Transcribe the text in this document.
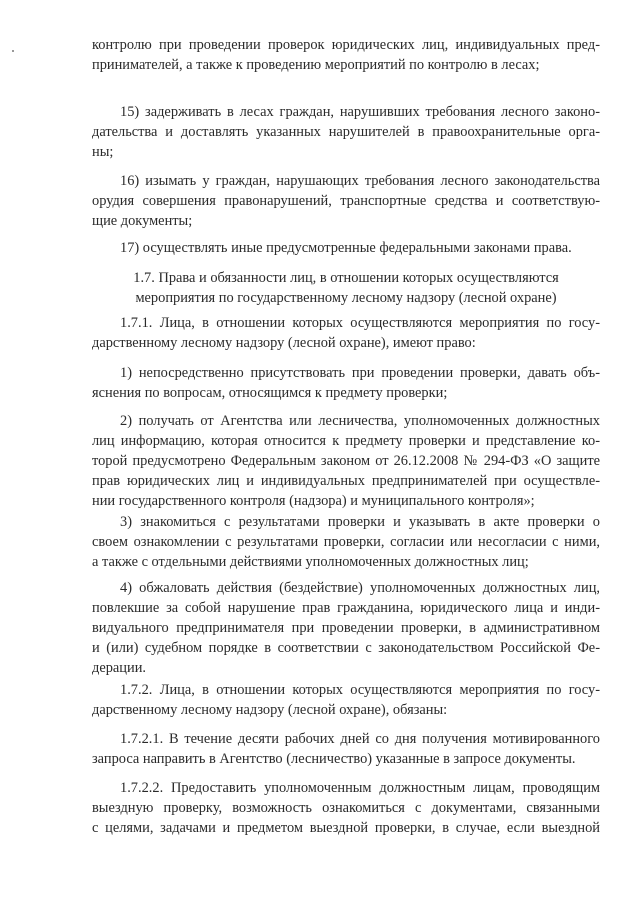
контролю при проведении проверок юридических лиц, индивидуальных пред-
принимателей, а также к проведению мероприятий по контролю в лесах;
15) задерживать в лесах граждан, нарушивших требования лесного законо-
дательства и доставлять указанных нарушителей в правоохранительные орга-
ны;
16) изымать у граждан, нарушающих требования лесного законодательства
орудия совершения правонарушений, транспортные средства и соответствую-
щие документы;
17) осуществлять иные предусмотренные федеральными законами права.
1.7. Права и обязанности лиц, в отношении которых осуществляются
мероприятия по государственному лесному надзору (лесной охране)
1.7.1. Лица, в отношении которых осуществляются мероприятия по госу-
дарственному лесному надзору (лесной охране), имеют право:
1) непосредственно присутствовать при проведении проверки, давать объ-
яснения по вопросам, относящимся к предмету проверки;
2) получать от Агентства или лесничества, уполномоченных должностных
лиц информацию, которая относится к предмету проверки и представление ко-
торой предусмотрено Федеральным законом от 26.12.2008 № 294-ФЗ «О защите
прав юридических лиц и индивидуальных предпринимателей при осуществле-
нии государственного контроля (надзора) и муниципального контроля»;
3) знакомиться с результатами проверки и указывать в акте проверки о
своем ознакомлении с результатами проверки, согласии или несогласии с ними,
а также с отдельными действиями уполномоченных должностных лиц;
4) обжаловать действия (бездействие) уполномоченных должностных лиц,
повлекшие за собой нарушение прав гражданина, юридического лица и инди-
видуального предпринимателя при проведении проверки, в административном
и (или) судебном порядке в соответствии с законодательством Российской Фе-
дерации.
1.7.2. Лица, в отношении которых осуществляются мероприятия по госу-
дарственному лесному надзору (лесной охране), обязаны:
1.7.2.1. В течение десяти рабочих дней со дня получения мотивированного
запроса направить в Агентство (лесничество) указанные в запросе документы.
1.7.2.2. Предоставить уполномоченным должностным лицам, проводящим
выездную проверку, возможность ознакомиться с документами, связанными
с целями, задачами и предметом выездной проверки, в случае, если выездной
